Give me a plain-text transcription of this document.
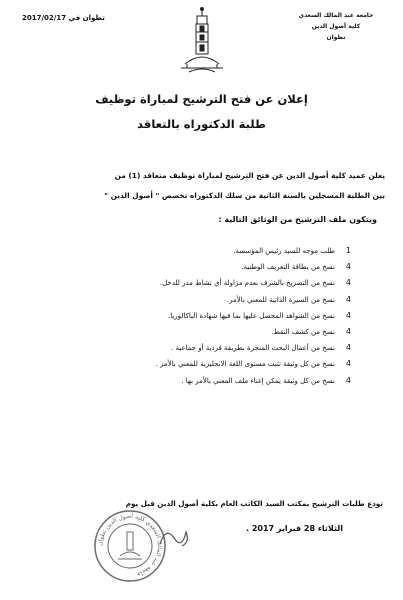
جامعة عبد المالك السعدي
كلية أصول الدين
تطوان
تطوان في 2017/02/17
إعلان عن فتح الترشيح لمباراة توظيف
طلبة الدكتوراه بالتعاقد

يعلن عميد كلية أصول الدين عن فتح الترشيح لمباراة توظيف متعاقد (1) من

بين الطلبة المسجلين بالسنة الثانية من سلك الدكتوراه تخصص " أصول الدين "

ويتكون ملف الترشيح من الوثائق التالية :
1
طلب موجه للسيد رئيس المؤسسة.
4
نسخ من بطاقة التعريف الوطنية.
4
نسخ من التصريح بالشرف بعدم مزاولة أي نشاط مدر للدخل.
4
نسخ من السيرة الذاتية للمعني بالأمر.
4
نسخ من الشواهد المحصل عليها بما فيها شهادة الباكالوريا.
4
نسخ من كشف النقط.
4
نسخ من أعمال البحث المنجزة بطريقة فردية أو جماعية .
4
نسخ من كل وثيقة تثبت مستوى اللغة الانجليزية للمعني بالأمر .
4
نسخ من كل وثيقة يمكن إغناء ملف المعني بالأمر بها .
تودع طلبات الترشيح بمكتب السيد الكاتب العام بكلية أصول الدين قبل يوم
الثلاثاء 28 فبراير 2017 .
جامعة عبد المالك السعدي كلية أصول الدين تطوان
